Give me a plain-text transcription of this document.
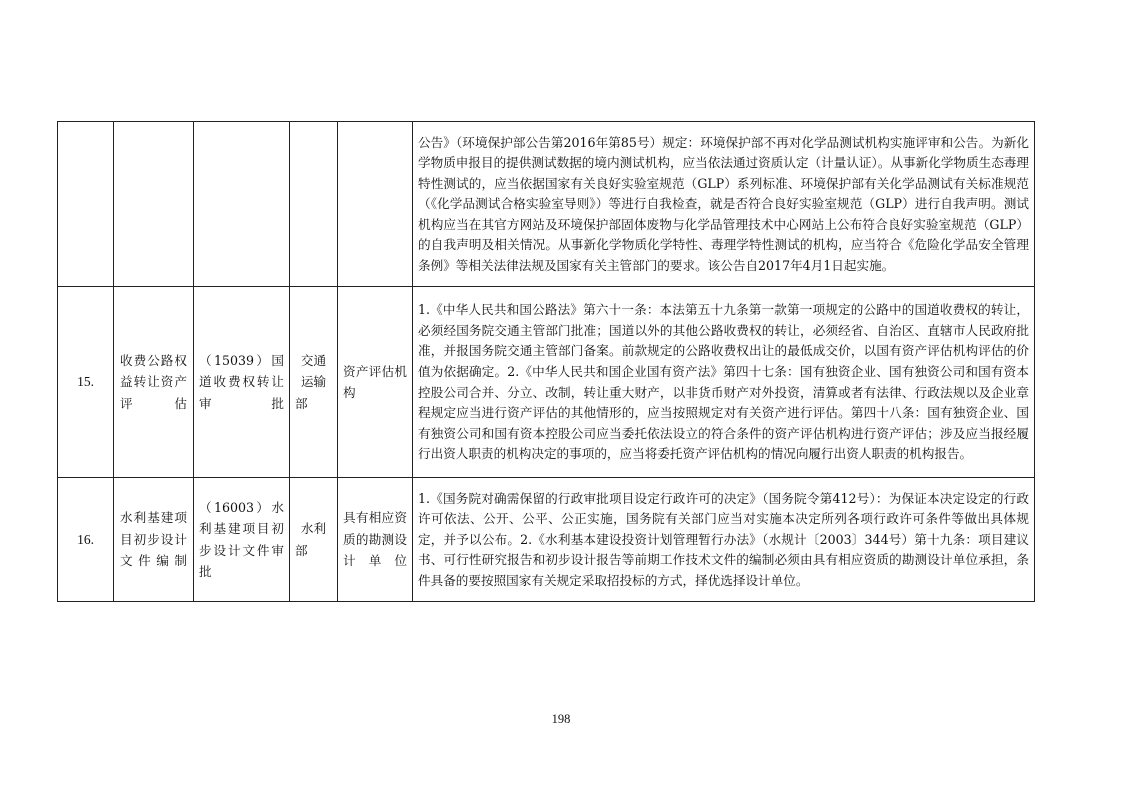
					公告》（环境保护部公告第2016年第85号）规定：环境保护部不再对化学品测试机构实施评审和公告。为新化学物质申报目的提供测试数据的境内测试机构，应当依法通过资质认定（计量认证）。从事新化学物质生态毒理特性测试的，应当依据国家有关良好实验室规范（GLP）系列标准、环境保护部有关化学品测试有关标准规范（《化学品测试合格实验室导则》）等进行自我检查，就是否符合良好实验室规范（GLP）进行自我声明。测试机构应当在其官方网站及环境保护部固体废物与化学品管理技术中心网站上公布符合良好实验室规范（GLP）的自我声明及相关情况。从事新化学物质化学特性、毒理学特性测试的机构，应当符合《危险化学品安全管理条例》等相关法律法规及国家有关主管部门的要求。该公告自2017年4月1日起实施。

15.	收费公路权益转让资产评估	（15039）国道收费权转让审批	交通运输部	资产评估机构	1.《中华人民共和国公路法》第六十一条：本法第五十九条第一款第一项规定的公路中的国道收费权的转让，必须经国务院交通主管部门批准；国道以外的其他公路收费权的转让，必须经省、自治区、直辖市人民政府批准，并报国务院交通主管部门备案。前款规定的公路收费权出让的最低成交价，以国有资产评估机构评估的价值为依据确定。2.《中华人民共和国企业国有资产法》第四十七条：国有独资企业、国有独资公司和国有资本控股公司合并、分立、改制，转让重大财产，以非货币财产对外投资，清算或者有法律、行政法规以及企业章程规定应当进行资产评估的其他情形的，应当按照规定对有关资产进行评估。第四十八条：国有独资企业、国有独资公司和国有资本控股公司应当委托依法设立的符合条件的资产评估机构进行资产评估；涉及应当报经履行出资人职责的机构决定的事项的，应当将委托资产评估机构的情况向履行出资人职责的机构报告。

16.	水利基建项目初步设计文件编制	（16003）水利基建项目初步设计文件审批	水利部	具有相应资质的勘测设计单位	1.《国务院对确需保留的行政审批项目设定行政许可的决定》（国务院令第412号）：为保证本决定设定的行政许可依法、公开、公平、公正实施，国务院有关部门应当对实施本决定所列各项行政许可条件等做出具体规定，并予以公布。2.《水利基本建设投资计划管理暂行办法》（水规计〔2003〕344号）第十九条：项目建议书、可行性研究报告和初步设计报告等前期工作技术文件的编制必须由具有相应资质的勘测设计单位承担，条件具备的要按照国家有关规定采取招投标的方式，择优选择设计单位。
198
